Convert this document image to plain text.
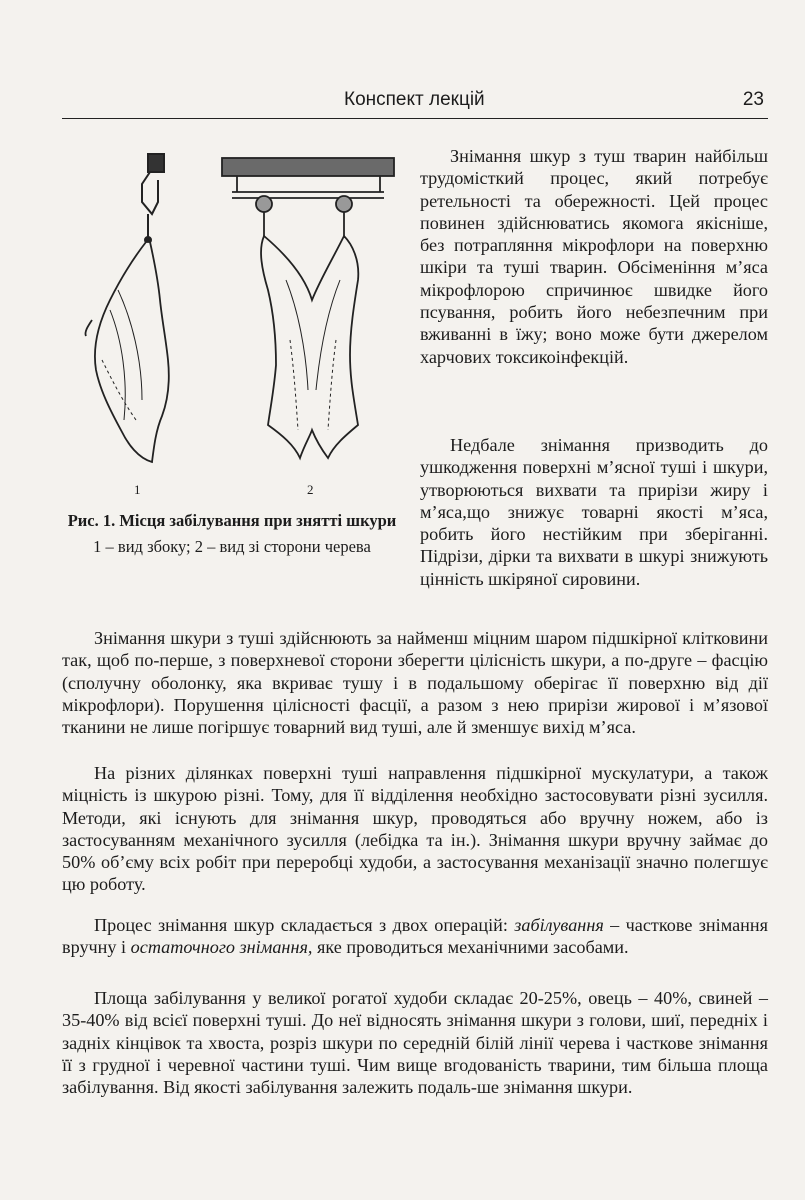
Конспект лекцій	23
1	2
Рис. 1. Місця забілування при знятті шкури
1 – вид збоку; 2 – вид зі сторони черева

Знімання шкур з туш тварин найбільш трудомісткий процес, який потребує ретельності та обережності. Цей процес повинен здійснюватись якомога якісніше, без потрапляння мікрофлори на поверхню шкіри та туші тварин. Обсіменіння м’яса мікрофлорою спричинює швидке його псування, робить його небезпечним при вживанні в їжу; воно може бути джерелом харчових токсикоінфекцій.

Недбале знімання призводить до ушкодження поверхні м’ясної туші і шкури, утворюються вихвати та прирізи жиру і м’яса,що знижує товарні якості м’яса, робить його нестійким при зберіганні. Підрізи, дірки та вихвати в шкурі знижують цінність шкіряної сировини.

Знімання шкури з туші здійснюють за найменш міцним шаром підшкірної клітковини так, щоб по-перше, з поверхневої сторони зберегти цілісність шкури, а по-друге – фасцію (сполучну оболонку, яка вкриває тушу і в подальшому оберігає її поверхню від дії мікрофлори). Порушення цілісності фасції, а разом з нею прирізи жирової і м’язової тканини не лише погіршує товарний вид туші, але й зменшує вихід м’яса.

На різних ділянках поверхні туші направлення підшкірної мускулатури, а також міцність із шкурою різні. Тому, для її відділення необхідно застосовувати різні зусилля. Методи, які існують для знімання шкур, проводяться або вручну ножем, або із застосуванням механічного зусилля (лебідка та ін.). Знімання шкури вручну займає до 50% об’єму всіх робіт при переробці худоби, а застосування механізації значно полегшує цю роботу.

Процес знімання шкур складається з двох операцій: забілування – часткове знімання вручну і остаточного знімання, яке проводиться механічними засобами.

Площа забілування у великої рогатої худоби складає 20-25%, овець – 40%, свиней – 35-40% від всієї поверхні туші. До неї відносять знімання шкури з голови, шиї, передніх і задніх кінцівок та хвоста, розріз шкури по середній білій лінії черева і часткове знімання її з грудної і черевної частини туші. Чим вище вгодованість тварини, тим більша площа забілування. Від якості забілування залежить подаль-ше знімання шкури.
